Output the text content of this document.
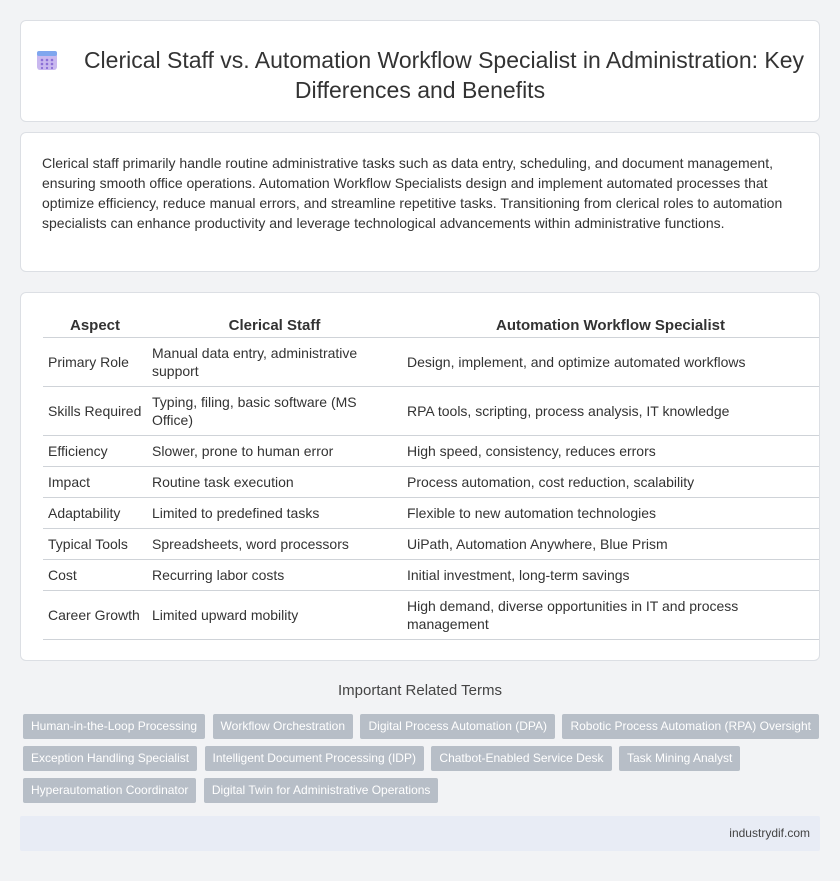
Clerical Staff vs. Automation Workflow Specialist in Administration: Key Differences and Benefits

Clerical staff primarily handle routine administrative tasks such as data entry, scheduling, and document management, ensuring smooth office operations. Automation Workflow Specialists design and implement automated processes that optimize efficiency, reduce manual errors, and streamline repetitive tasks. Transitioning from clerical roles to automation specialists can enhance productivity and leverage technological advancements within administrative functions.

Aspect	Clerical Staff	Automation Workflow Specialist
Primary Role	Manual data entry, administrative support	Design, implement, and optimize automated workflows
Skills Required	Typing, filing, basic software (MS Office)	RPA tools, scripting, process analysis, IT knowledge
Efficiency	Slower, prone to human error	High speed, consistency, reduces errors
Impact	Routine task execution	Process automation, cost reduction, scalability
Adaptability	Limited to predefined tasks	Flexible to new automation technologies
Typical Tools	Spreadsheets, word processors	UiPath, Automation Anywhere, Blue Prism
Cost	Recurring labor costs	Initial investment, long-term savings
Career Growth	Limited upward mobility	High demand, diverse opportunities in IT and process management
Important Related Terms
Human-in-the-Loop Processing Workflow Orchestration Digital Process Automation (DPA) Robotic Process Automation (RPA) Oversight
Exception Handling Specialist Intelligent Document Processing (IDP) Chatbot-Enabled Service Desk Task Mining Analyst
Hyperautomation Coordinator Digital Twin for Administrative Operations
industrydif.com
